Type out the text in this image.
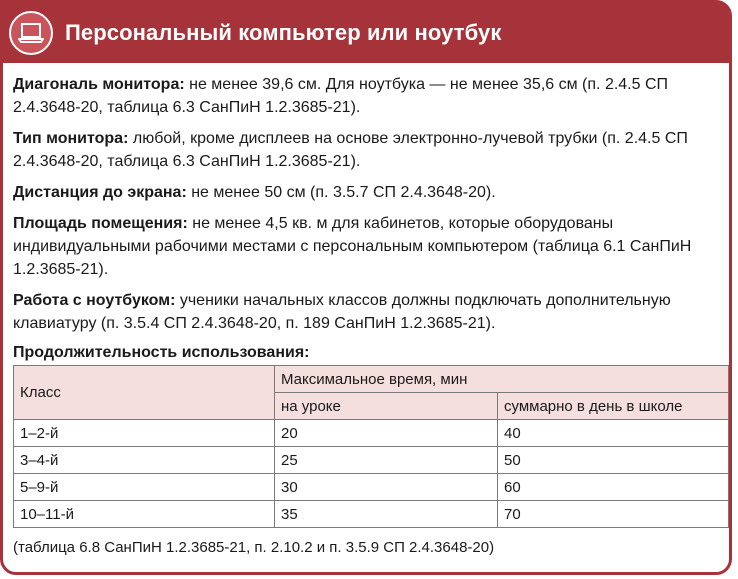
Персональный компьютер или ноутбук

Диагональ монитора: не менее 39,6 см. Для ноутбука — не менее 35,6 см (п. 2.4.5 СП 2.4.3648-20, таблица 6.3 СанПиН 1.2.3685-21).

Тип монитора: любой, кроме дисплеев на основе электронно-лучевой трубки (п. 2.4.5 СП 2.4.3648-20, таблица 6.3 СанПиН 1.2.3685-21).

Дистанция до экрана: не менее 50 см (п. 3.5.7 СП 2.4.3648-20).

Площадь помещения: не менее 4,5 кв. м для кабинетов, которые оборудованы индивидуальными рабочими местами с персональным компьютером (таблица 6.1 СанПиН 1.2.3685-21).

Работа с ноутбуком: ученики начальных классов должны подключать дополнительную клавиатуру (п. 3.5.4 СП 2.4.3648-20, п. 189 СанПиН 1.2.3685-21).

Продолжительность использования:
Класс	Максимальное время, мин	
	на уроке	суммарно в день в школе
1–2-й	20	40
3–4-й	25	50
5–9-й	30	60
10–11-й	35	70
(таблица 6.8 СанПиН 1.2.3685-21, п. 2.10.2 и п. 3.5.9 СП 2.4.3648-20)
